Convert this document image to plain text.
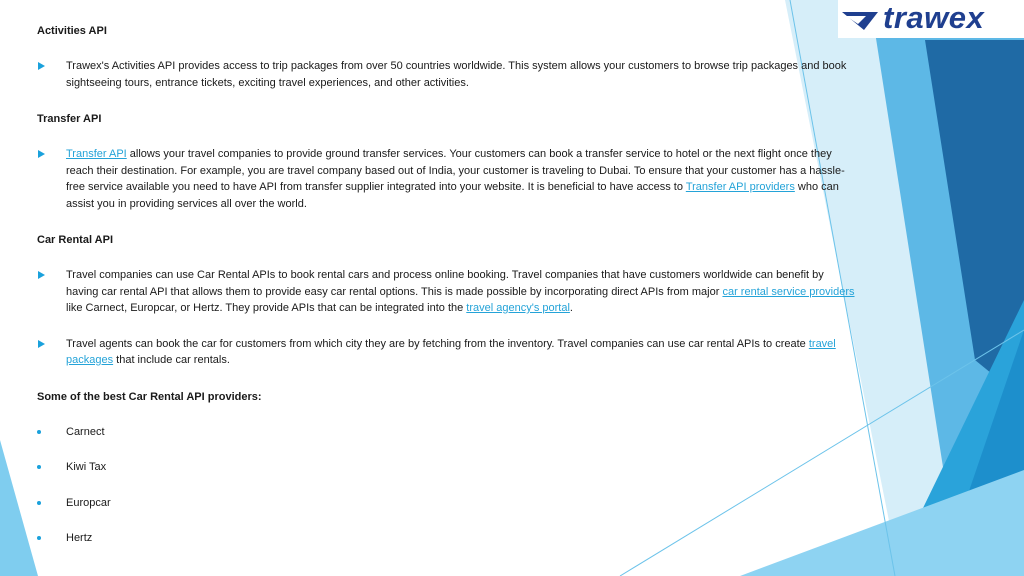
trawex

Activities API

Trawex's Activities API provides access to trip packages from over 50 countries worldwide. This system allows your customers to browse trip packages and book sightseeing tours, entrance tickets, exciting travel experiences, and other activities.

Transfer API

Transfer API allows your travel companies to provide ground transfer services. Your customers can book a transfer service to hotel or the next flight once they reach their destination. For example, you are travel company based out of India, your customer is traveling to Dubai. To ensure that your customer has a hassle-free service available you need to have API from transfer supplier integrated into your website. It is beneficial to have access to Transfer API providers who can assist you in providing services all over the world.

Car Rental API

Travel companies can use Car Rental APIs to book rental cars and process online booking. Travel companies that have customers worldwide can benefit by having car rental API that allows them to provide easy car rental options. This is made possible by incorporating direct APIs from major car rental service providers like Carnect, Europcar, or Hertz. They provide APIs that can be integrated into the travel agency's portal.

Travel agents can book the car for customers from which city they are by fetching from the inventory. Travel companies can use car rental APIs to create travel packages that include car rentals.

Some of the best Car Rental API providers:

Carnect

Kiwi Tax

Europcar

Hertz
